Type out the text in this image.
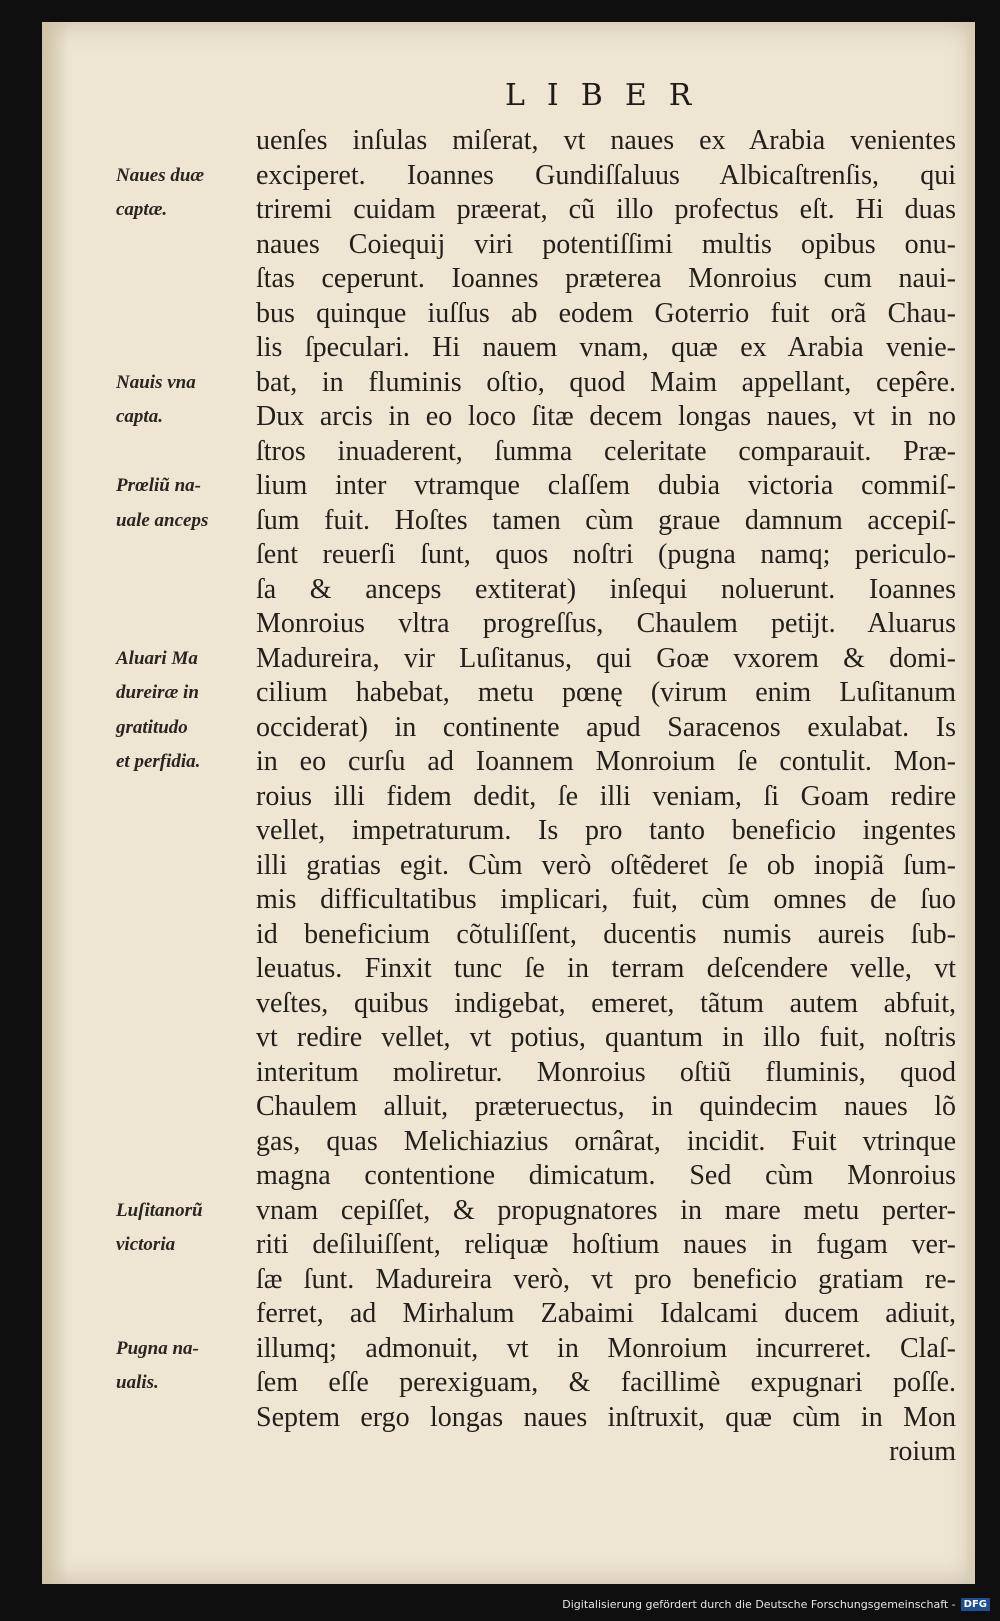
LIBER
Naues duæ
captæ.
Nauis vna
capta.
Prœliũ na-
uale anceps
Aluari Ma
dureiræ in
gratitudo
et perfidia.
Luſitanorũ
victoria
Pugna na-
ualis.
uenſes inſulas miſerat, vt naues ex Arabia venientes
exciperet. Ioannes Gundiſſaluus Albicaſtrenſis, qui
triremi cuidam præerat, cũ illo profectus eſt. Hi duas
naues Coiequij viri potentiſſimi multis opibus onu-
ſtas ceperunt. Ioannes præterea Monroius cum naui-
bus quinque iuſſus ab eodem Goterrio fuit orã Chau-
lis ſpeculari. Hi nauem vnam, quæ ex Arabia venie-
bat, in fluminis oſtio, quod Maim appellant, cepêre.
Dux arcis in eo loco ſitæ decem longas naues, vt in no
ſtros inuaderent, ſumma celeritate comparauit. Præ-
lium inter vtramque claſſem dubia victoria commiſ-
ſum fuit. Hoſtes tamen cùm graue damnum accepiſ-
ſent reuerſi ſunt, quos noſtri (pugna namq; periculo-
ſa & anceps extiterat) inſequi noluerunt. Ioannes
Monroius vltra progreſſus, Chaulem petijt. Aluarus
Madureira, vir Luſitanus, qui Goæ vxorem & domi-
cilium habebat, metu pœnę (virum enim Luſitanum
occiderat) in continente apud Saracenos exulabat. Is
in eo curſu ad Ioannem Monroium ſe contulit. Mon-
roius illi fidem dedit, ſe illi veniam, ſi Goam redire
vellet, impetraturum. Is pro tanto beneficio ingentes
illi gratias egit. Cùm verò oſtẽderet ſe ob inopiã ſum-
mis difficultatibus implicari, fuit, cùm omnes de ſuo
id beneficium cõtuliſſent, ducentis numis aureis ſub-
leuatus. Finxit tunc ſe in terram deſcendere velle, vt
veſtes, quibus indigebat, emeret, tãtum autem abfuit,
vt redire vellet, vt potius, quantum in illo fuit, noſtris
interitum moliretur. Monroius oſtiũ fluminis, quod
Chaulem alluit, præteruectus, in quindecim naues lõ
gas, quas Melichiazius ornârat, incidit. Fuit vtrinque
magna contentione dimicatum. Sed cùm Monroius
vnam cepiſſet, & propugnatores in mare metu perter-
riti deſiluiſſent, reliquæ hoſtium naues in fugam ver-
ſæ ſunt. Madureira verò, vt pro beneficio gratiam re-
ferret, ad Mirhalum Zabaimi Idalcami ducem adiuit,
illumq; admonuit, vt in Monroium incurreret. Claſ-
ſem eſſe perexiguam, & facillimè expugnari poſſe.
Septem ergo longas naues inſtruxit, quæ cùm in Mon
roium
Digitalisierung gefördert durch die Deutsche Forschungsgemeinschaft - DFG
